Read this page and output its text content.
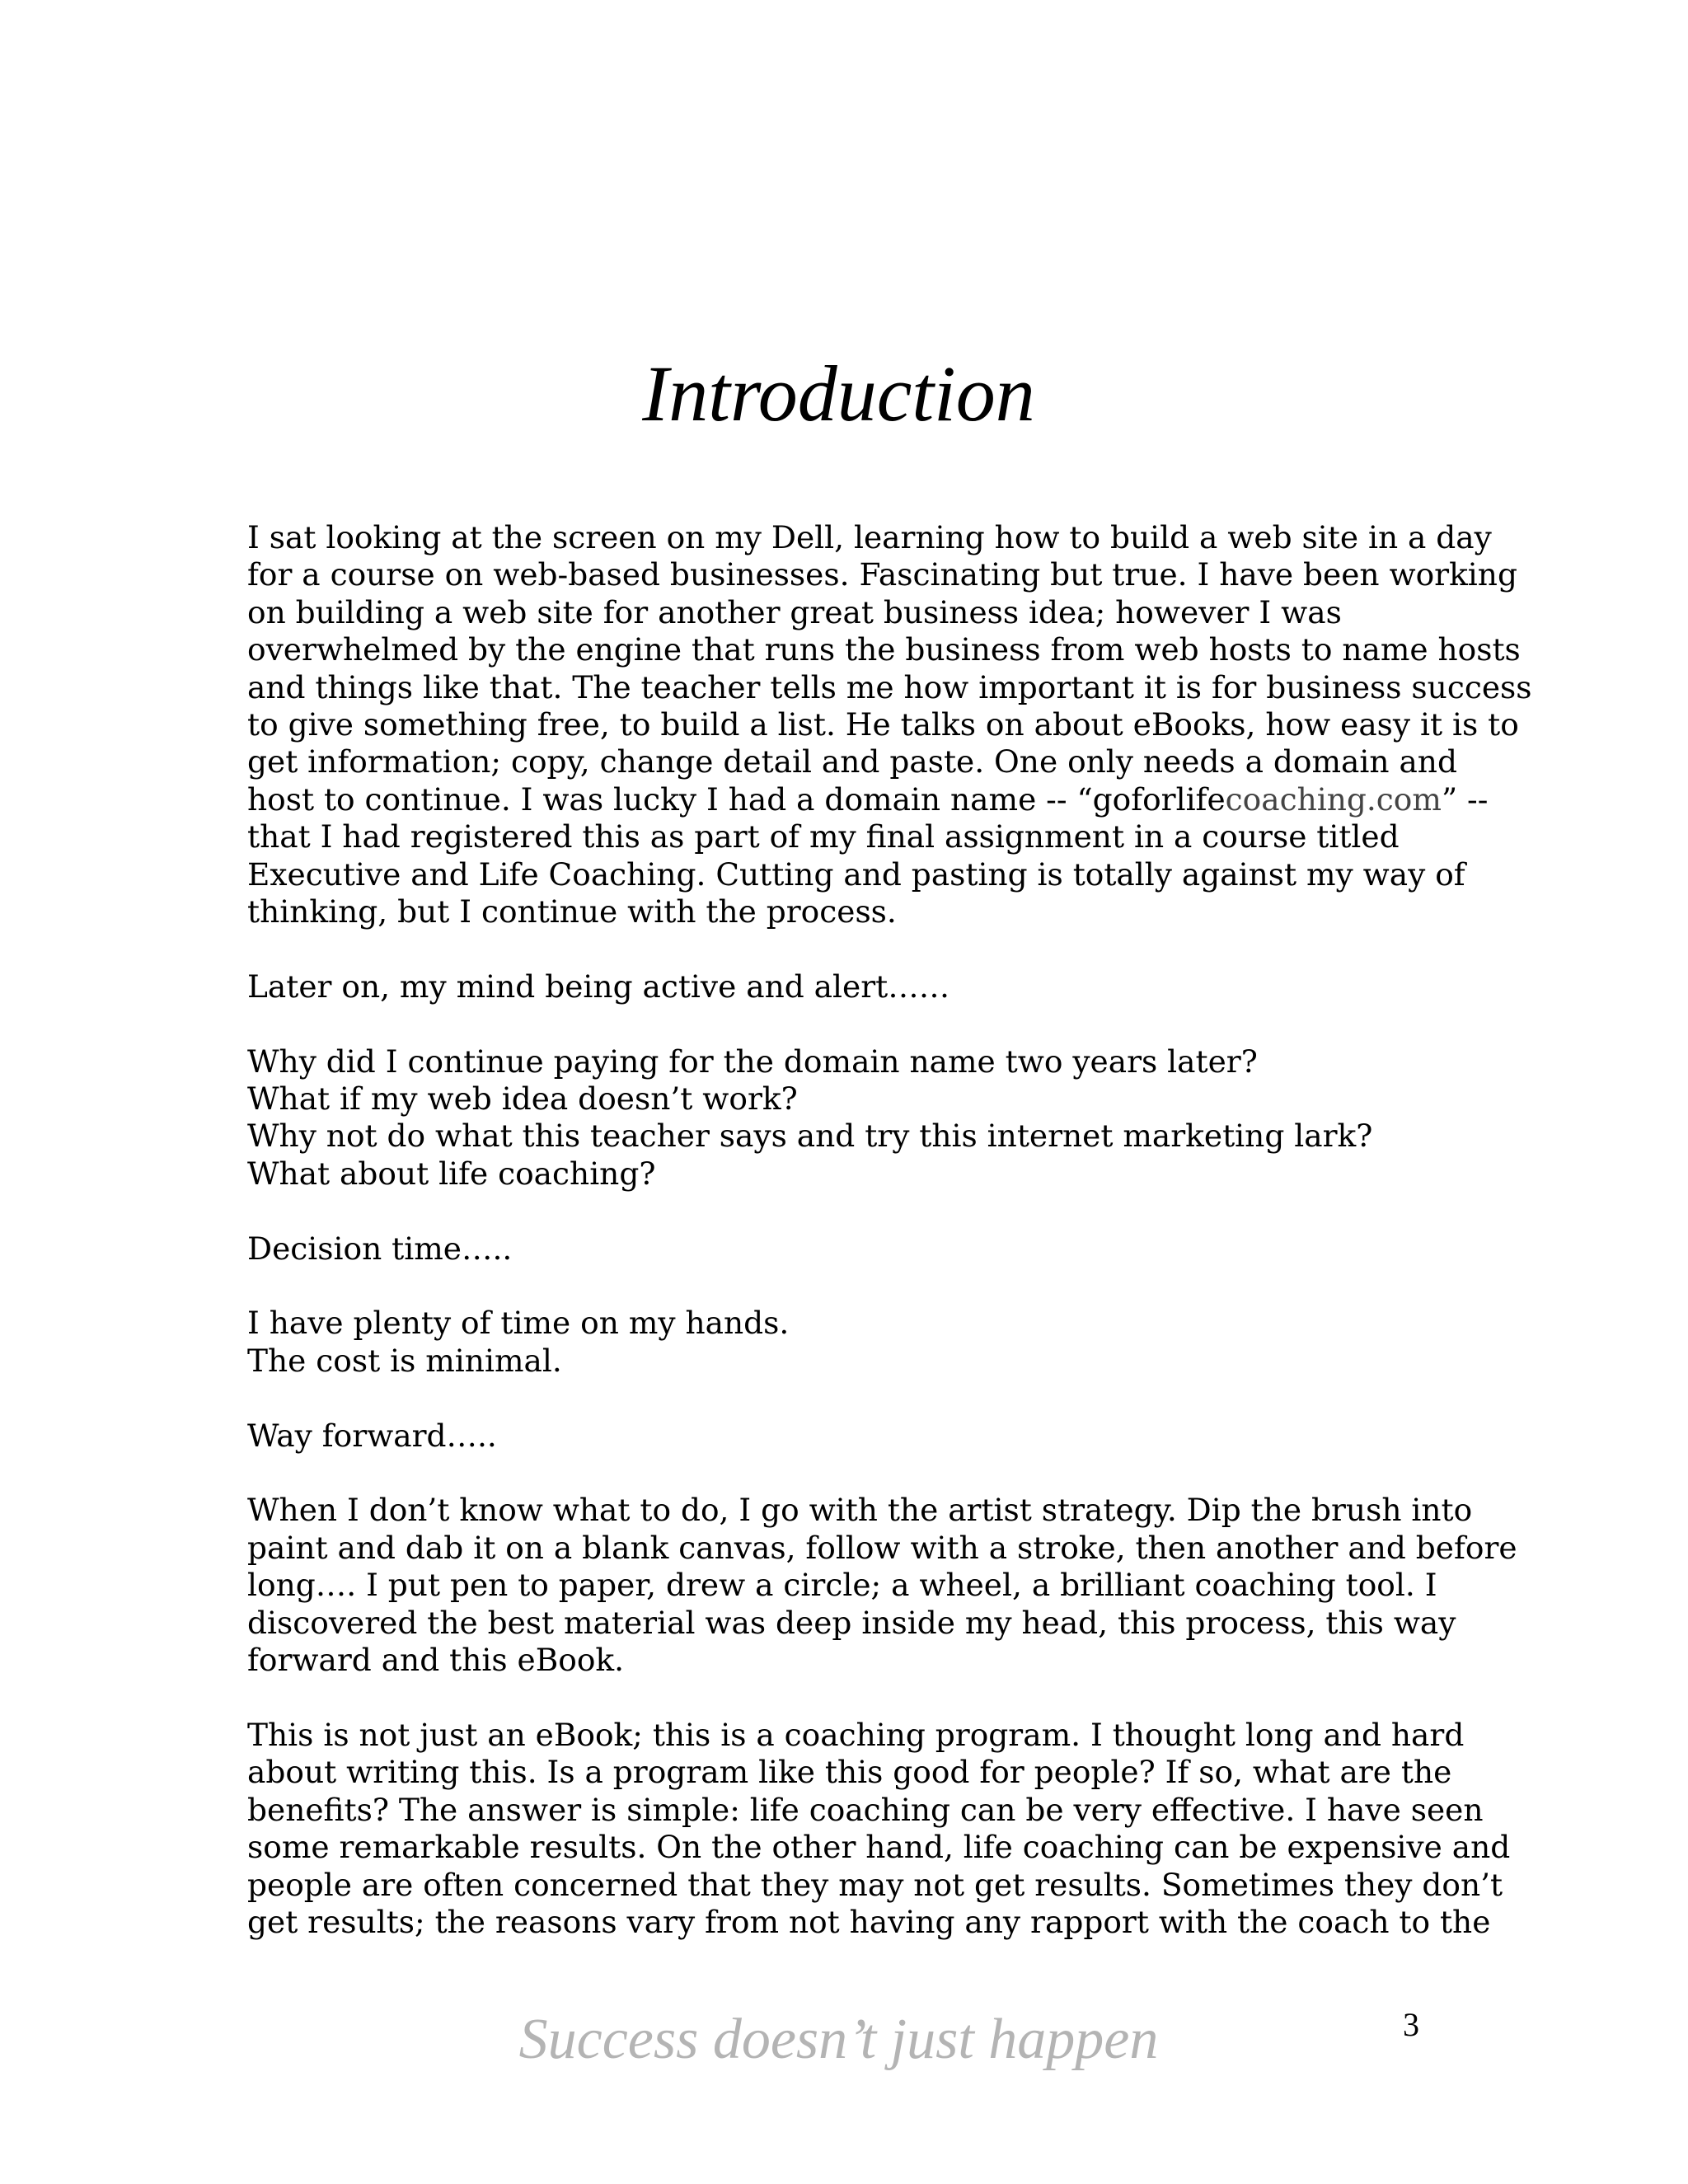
Introduction

I sat looking at the screen on my Dell, learning how to build a web site in a day
for a course on web-based businesses. Fascinating but true. I have been working
on building a web site for another great business idea; however I was
overwhelmed by the engine that runs the business from web hosts to name hosts
and things like that. The teacher tells me how important it is for business success
to give something free, to build a list. He talks on about eBooks, how easy it is to
get information; copy, change detail and paste. One only needs a domain and
host to continue. I was lucky I had a domain name -- “goforlifecoaching.com” --
that I had registered this as part of my final assignment in a course titled
Executive and Life Coaching. Cutting and pasting is totally against my way of
thinking, but I continue with the process.

Later on, my mind being active and alert……

Why did I continue paying for the domain name two years later?
What if my web idea doesn’t work?
Why not do what this teacher says and try this internet marketing lark?
What about life coaching?

Decision time…..

I have plenty of time on my hands.
The cost is minimal.

Way forward…..

When I don’t know what to do, I go with the artist strategy. Dip the brush into
paint and dab it on a blank canvas, follow with a stroke, then another and before
long…. I put pen to paper, drew a circle; a wheel, a brilliant coaching tool. I
discovered the best material was deep inside my head, this process, this way
forward and this eBook.

This is not just an eBook; this is a coaching program. I thought long and hard
about writing this. Is a program like this good for people? If so, what are the
benefits? The answer is simple: life coaching can be very effective. I have seen
some remarkable results. On the other hand, life coaching can be expensive and
people are often concerned that they may not get results. Sometimes they don’t
get results; the reasons vary from not having any rapport with the coach to the

Success doesn’t just happen	3
